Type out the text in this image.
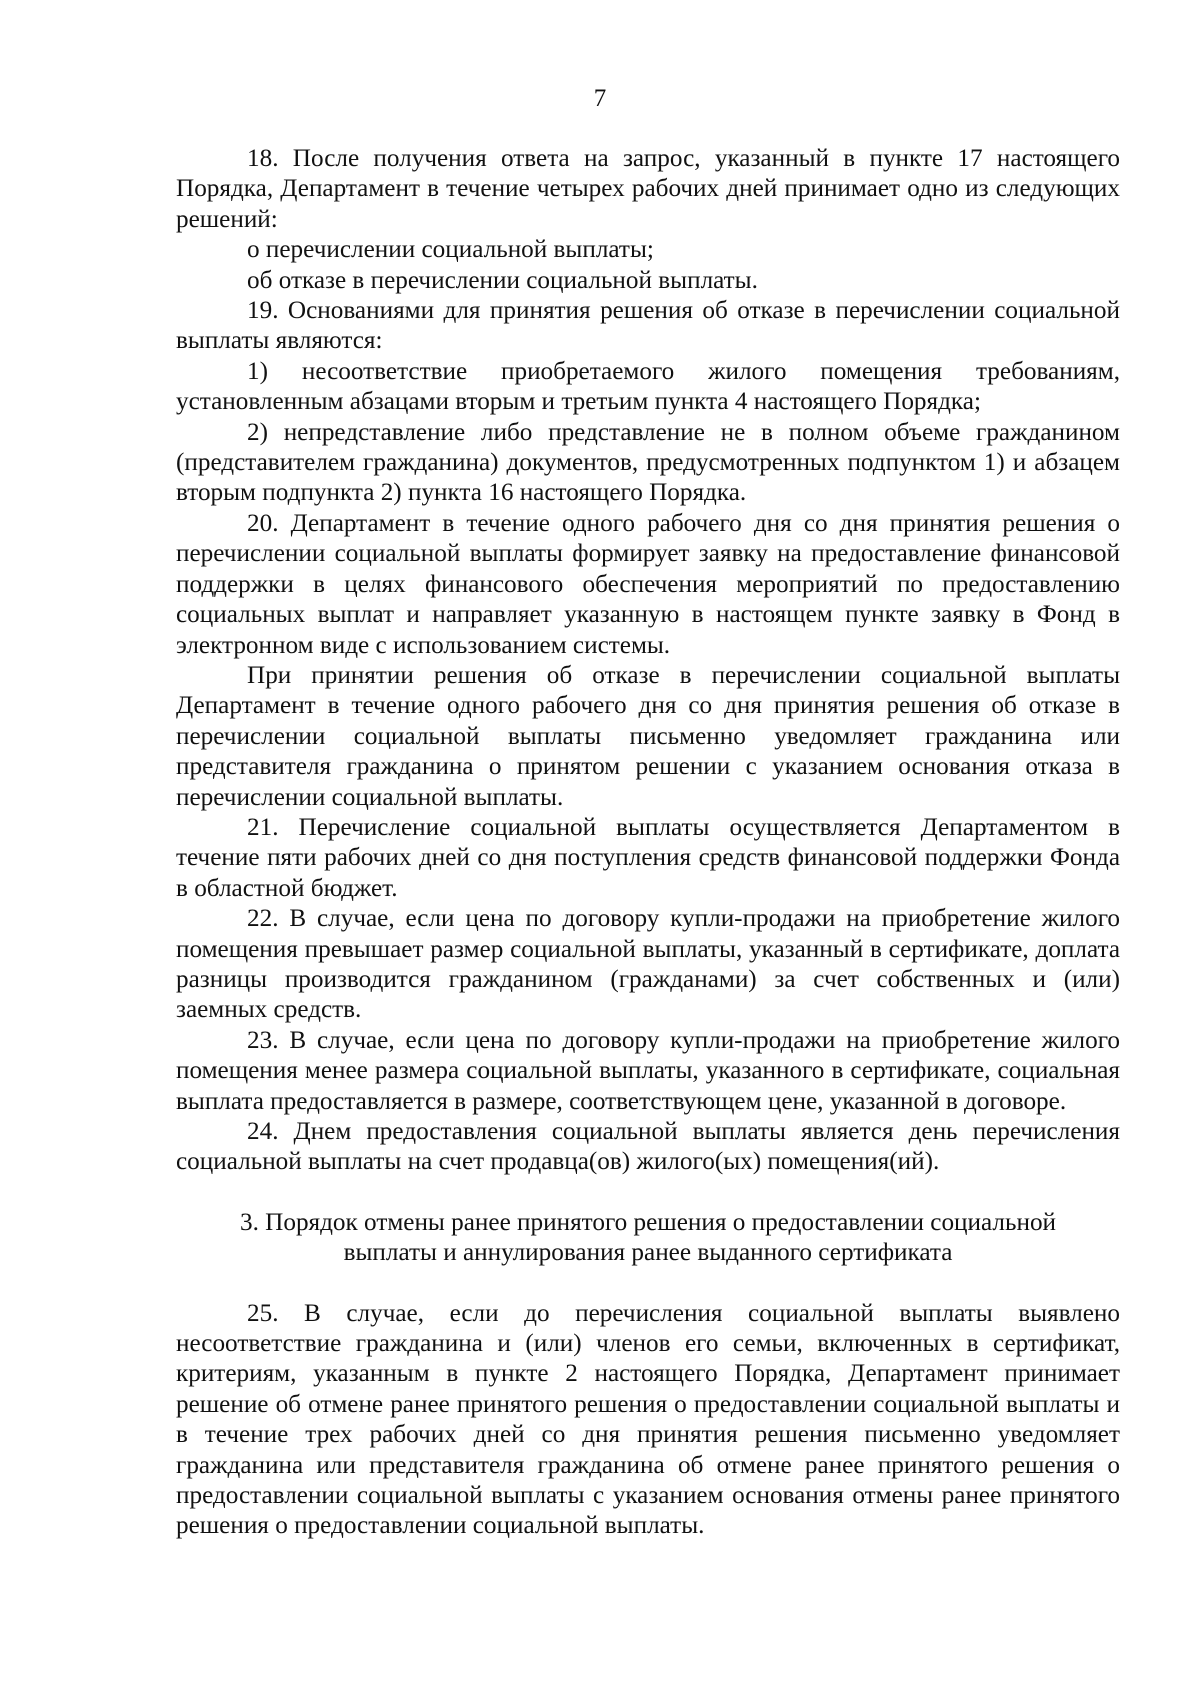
7

18. После получения ответа на запрос, указанный в пункте 17 настоящего Порядка, Департамент в течение четырех рабочих дней принимает одно из следующих решений:

о перечислении социальной выплаты;

об отказе в перечислении социальной выплаты.

19. Основаниями для принятия решения об отказе в перечислении социальной выплаты являются:

1) несоответствие приобретаемого жилого помещения требованиям, установленным абзацами вторым и третьим пункта 4 настоящего Порядка;

2) непредставление либо представление не в полном объеме гражданином (представителем гражданина) документов, предусмотренных подпунктом 1) и абзацем вторым подпункта 2) пункта 16 настоящего Порядка.

20. Департамент в течение одного рабочего дня со дня принятия решения о перечислении социальной выплаты формирует заявку на предоставление финансовой поддержки в целях финансового обеспечения мероприятий по предоставлению социальных выплат и направляет указанную в настоящем пункте заявку в Фонд в электронном виде с использованием системы.

При принятии решения об отказе в перечислении социальной выплаты Департамент в течение одного рабочего дня со дня принятия решения об отказе в перечислении социальной выплаты письменно уведомляет гражданина или представителя гражданина о принятом решении с указанием основания отказа в перечислении социальной выплаты.

21. Перечисление социальной выплаты осуществляется Департаментом в течение пяти рабочих дней со дня поступления средств финансовой поддержки Фонда в областной бюджет.

22. В случае, если цена по договору купли-продажи на приобретение жилого помещения превышает размер социальной выплаты, указанный в сертификате, доплата разницы производится гражданином (гражданами) за счет собственных и (или) заемных средств.

23. В случае, если цена по договору купли-продажи на приобретение жилого помещения менее размера социальной выплаты, указанного в сертификате, социальная выплата предоставляется в размере, соответствующем цене, указанной в договоре.

24. Днем предоставления социальной выплаты является день перечисления социальной выплаты на счет продавца(ов) жилого(ых) помещения(ий).

3. Порядок отмены ранее принятого решения о предоставлении социальной
выплаты и аннулирования ранее выданного сертификата

25. В случае, если до перечисления социальной выплаты выявлено несоответствие гражданина и (или) членов его семьи, включенных в сертификат, критериям, указанным в пункте 2 настоящего Порядка, Департамент принимает решение об отмене ранее принятого решения о предоставлении социальной выплаты и в течение трех рабочих дней со дня принятия решения письменно уведомляет гражданина или представителя гражданина об отмене ранее принятого решения о предоставлении социальной выплаты с указанием основания отмены ранее принятого решения о предоставлении социальной выплаты.
